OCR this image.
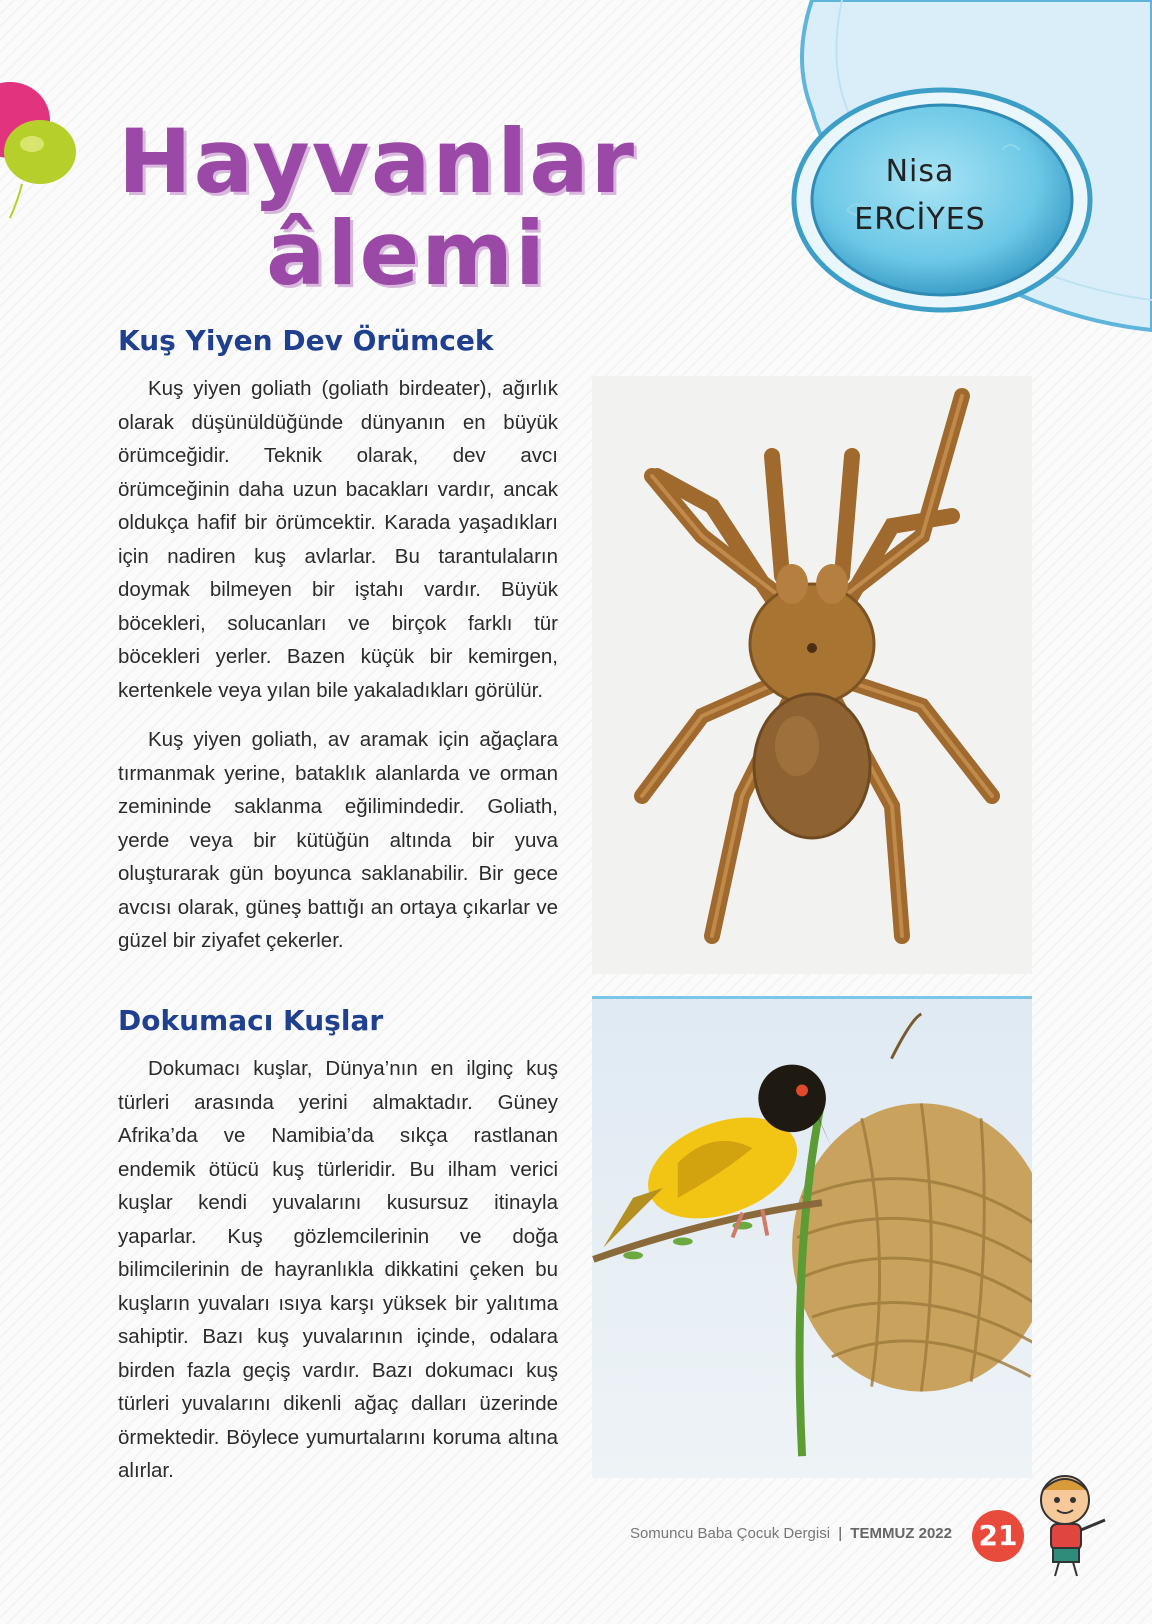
Nisa
ERCİYES
Hayvanlar
âlemi
Kuş Yiyen Dev Örümcek

Kuş yiyen goliath (goliath birdeater), ağırlık olarak düşünüldüğünde dünyanın en büyük örümceğidir. Teknik olarak, dev avcı örümceğinin daha uzun bacakları vardır, ancak oldukça hafif bir örümcektir. Karada yaşadıkları için nadiren kuş avlarlar. Bu tarantulaların doymak bilmeyen bir iştahı vardır. Büyük böcekleri, solucanları ve birçok farklı tür böcekleri yerler. Bazen küçük bir kemirgen, kertenkele veya yılan bile yakaladıkları görülür.

Kuş yiyen goliath, av aramak için ağaçlara tırmanmak yerine, bataklık alanlarda ve orman zemininde saklanma eğilimindedir. Goliath, yerde veya bir kütüğün altında bir yuva oluşturarak gün boyunca saklanabilir. Bir gece avcısı olarak, güneş battığı an ortaya çıkarlar ve güzel bir ziyafet çekerler.

Dokumacı Kuşlar

Dokumacı kuşlar, Dünya’nın en ilginç kuş türleri arasında yerini almaktadır. Güney Afrika’da ve Namibia’da sıkça rastlanan endemik ötücü kuş türleridir. Bu ilham verici kuşlar kendi yuvalarını kusursuz itinayla yaparlar. Kuş gözlemcilerinin ve doğa bilimcilerinin de hayranlıkla dikkatini çeken bu kuşların yuvaları ısıya karşı yüksek bir yalıtıma sahiptir. Bazı kuş yuvalarının içinde, odalara birden fazla geçiş vardır. Bazı dokumacı kuş türleri yuvalarını dikenli ağaç dalları üzerinde örmektedir. Böylece yumurtalarını koruma altına alırlar.

Somuncu Baba Çocuk Dergisi | TEMMUZ 2022 21
